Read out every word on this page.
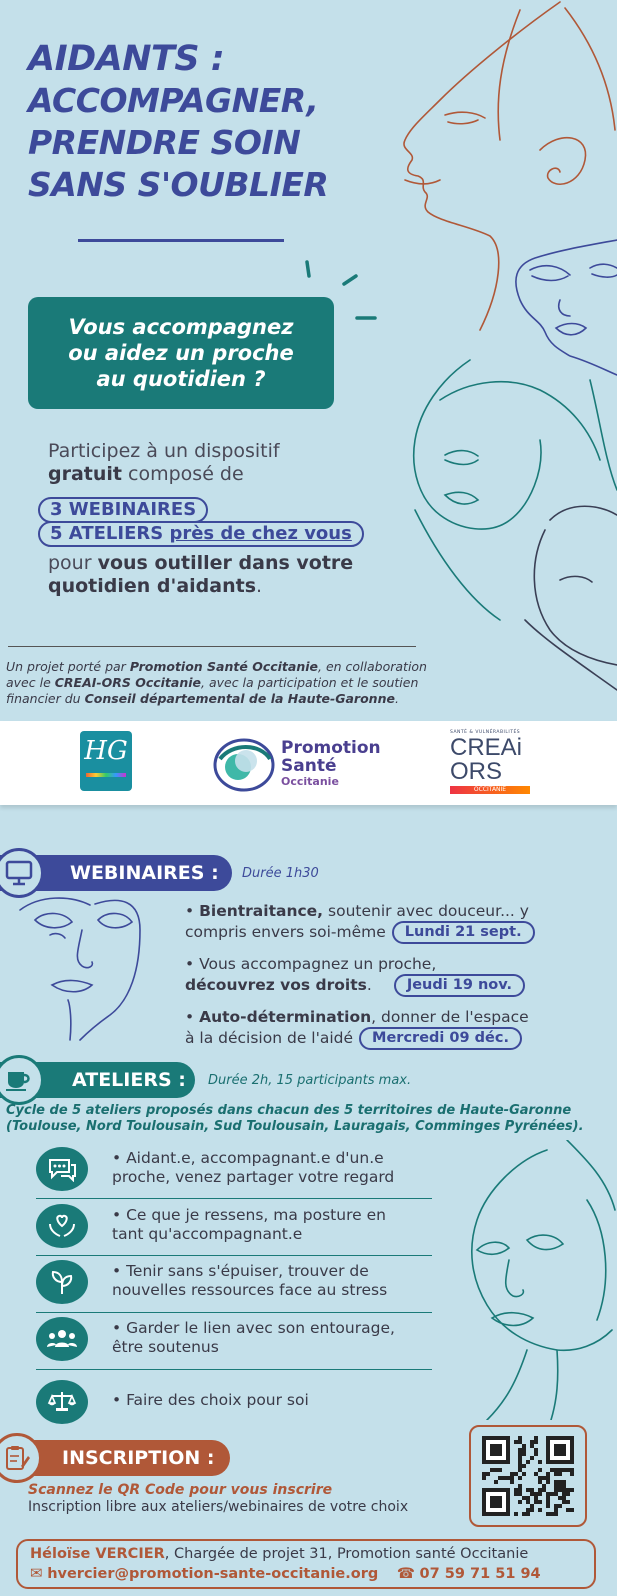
AIDANTS :
ACCOMPAGNER,
PRENDRE SOIN
SANS S'OUBLIER
Vous accompagnez
ou aidez un proche
au quotidien ?
Participez à un dispositif
gratuit composé de
3 WEBINAIRES
5 ATELIERS près de chez vous
pour vous outiller dans votre
quotidien d'aidants.
Un projet porté par Promotion Santé Occitanie, en collaboration
avec le CREAI-ORS Occitanie, avec la participation et le soutien
financier du Conseil départemental de la Haute-Garonne.
HG	Promotion
Santé
Occitanie
SANTÉ & VULNÉRABILITÉS
CREAi
ORS
OCCITANIE
WEBINAIRES :	Durée 1h30
• Bientraitance, soutenir avec douceur... y
compris envers soi-même Lundi 21 sept.
• Vous accompagnez un proche,
découvrez vos droits. Jeudi 19 nov.
• Auto-détermination, donner de l'espace
à la décision de l'aidé Mercredi 09 déc.
ATELIERS :	Durée 2h, 15 participants max.
Cycle de 5 ateliers proposés dans chacun des 5 territoires de Haute-Garonne
(Toulouse, Nord Toulousain, Sud Toulousain, Lauragais, Comminges Pyrénées).
• Aidant.e, accompagnant.e d'un.e
proche, venez partager votre regard
• Ce que je ressens, ma posture en
tant qu'accompagnant.e
• Tenir sans s'épuiser, trouver de
nouvelles ressources face au stress
• Garder le lien avec son entourage,
être soutenus
• Faire des choix pour soi
INSCRIPTION :
Scannez le QR Code pour vous inscrire
Inscription libre aux ateliers/webinaires de votre choix
Héloïse VERCIER, Chargée de projet 31, Promotion santé Occitanie
✉ hvercier@promotion-sante-occitanie.org ☎ 07 59 71 51 94
